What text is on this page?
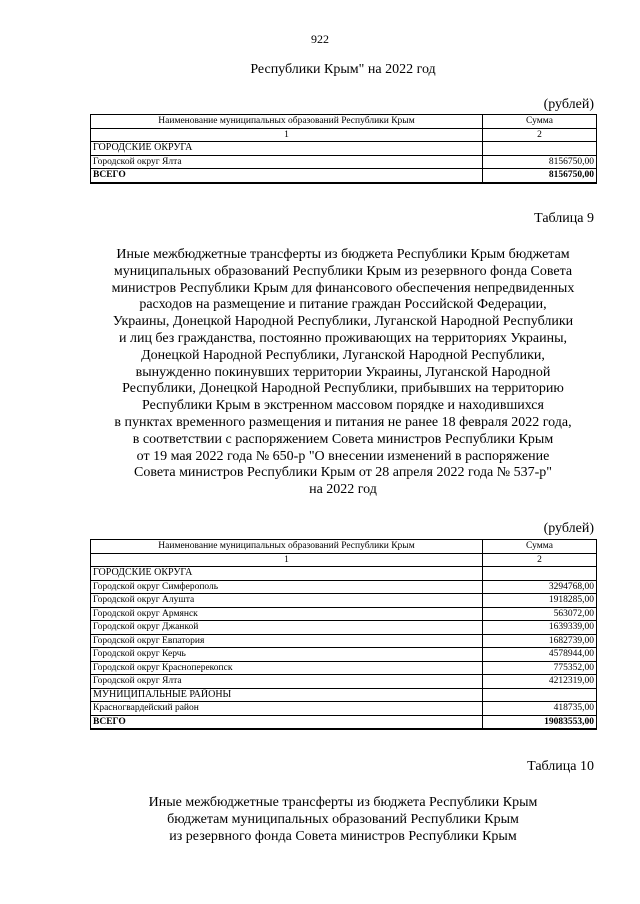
922
Республики Крым" на 2022 год
(рублей)
Наименование муниципальных образований Республики Крым	Сумма
1	2
ГОРОДСКИЕ ОКРУГА	
Городской округ Ялта	8156750,00
ВСЕГО	8156750,00
Таблица 9
Иные межбюджетные трансферты из бюджета Республики Крым бюджетам
муниципальных образований Республики Крым из резервного фонда Совета
министров Республики Крым для финансового обеспечения непредвиденных
расходов на размещение и питание граждан Российской Федерации,
Украины, Донецкой Народной Республики, Луганской Народной Республики
и лиц без гражданства, постоянно проживающих на территориях Украины,
Донецкой Народной Республики, Луганской Народной Республики,
вынужденно покинувших территории Украины, Луганской Народной
Республики, Донецкой Народной Республики, прибывших на территорию
Республики Крым в экстренном массовом порядке и находившихся
в пунктах временного размещения и питания не ранее 18 февраля 2022 года,
в соответствии с распоряжением Совета министров Республики Крым
от 19 мая 2022 года № 650-р "О внесении изменений в распоряжение
Совета министров Республики Крым от 28 апреля 2022 года № 537-р"
на 2022 год
(рублей)
Наименование муниципальных образований Республики Крым	Сумма
1	2
ГОРОДСКИЕ ОКРУГА	
Городской округ Симферополь	3294768,00
Городской округ Алушта	1918285,00
Городской округ Армянск	563072,00
Городской округ Джанкой	1639339,00
Городской округ Евпатория	1682739,00
Городской округ Керчь	4578944,00
Городской округ Красноперекопск	775352,00
Городской округ Ялта	4212319,00
МУНИЦИПАЛЬНЫЕ РАЙОНЫ	
Красногвардейский район	418735,00
ВСЕГО	19083553,00
Таблица 10
Иные межбюджетные трансферты из бюджета Республики Крым
бюджетам муниципальных образований Республики Крым
из резервного фонда Совета министров Республики Крым
